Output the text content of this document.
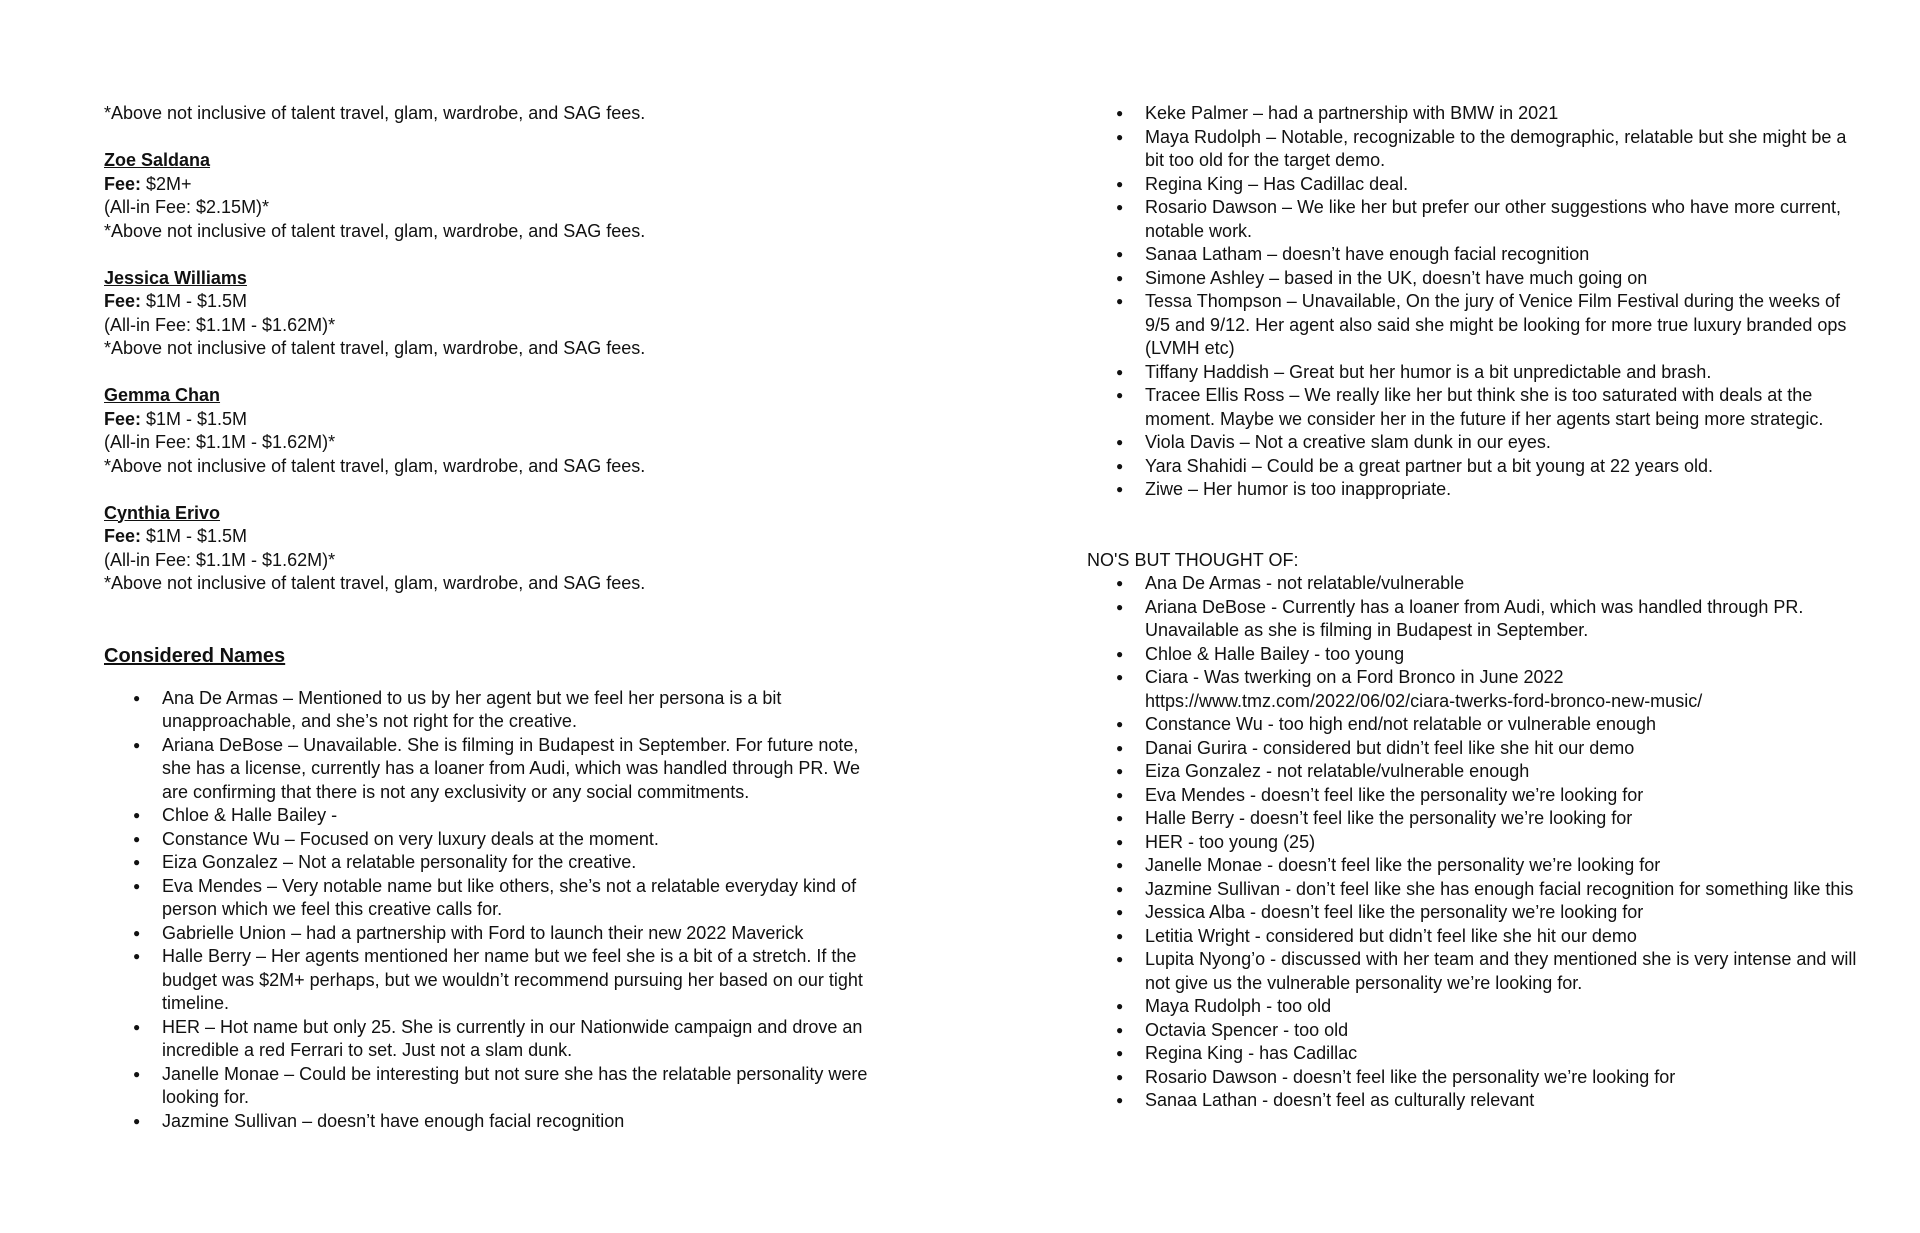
*Above not inclusive of talent travel, glam, wardrobe, and SAG fees.

Zoe Saldana

Fee: $2M+

(All-in Fee: $2.15M)*

*Above not inclusive of talent travel, glam, wardrobe, and SAG fees.

Jessica Williams

Fee: $1M - $1.5M

(All-in Fee: $1.1M - $1.62M)*

*Above not inclusive of talent travel, glam, wardrobe, and SAG fees.

Gemma Chan

Fee: $1M - $1.5M

(All-in Fee: $1.1M - $1.62M)*

*Above not inclusive of talent travel, glam, wardrobe, and SAG fees.

Cynthia Erivo

Fee: $1M - $1.5M

(All-in Fee: $1.1M - $1.62M)*

*Above not inclusive of talent travel, glam, wardrobe, and SAG fees.

Considered Names

● Ana De Armas – Mentioned to us by her agent but we feel her persona is a bit unapproachable, and she’s not right for the creative.
● Ariana DeBose – Unavailable. She is filming in Budapest in September. For future note, she has a license, currently has a loaner from Audi, which was handled through PR. We are confirming that there is not any exclusivity or any social commitments.
● Chloe & Halle Bailey -
● Constance Wu – Focused on very luxury deals at the moment.
● Eiza Gonzalez – Not a relatable personality for the creative.
● Eva Mendes – Very notable name but like others, she’s not a relatable everyday kind of person which we feel this creative calls for.
● Gabrielle Union – had a partnership with Ford to launch their new 2022 Maverick
● Halle Berry – Her agents mentioned her name but we feel she is a bit of a stretch. If the budget was $2M+ perhaps, but we wouldn’t recommend pursuing her based on our tight timeline.
● HER – Hot name but only 25. She is currently in our Nationwide campaign and drove an incredible a red Ferrari to set. Just not a slam dunk.
● Janelle Monae – Could be interesting but not sure she has the relatable personality were looking for.
● Jazmine Sullivan – doesn’t have enough facial recognition
● Keke Palmer – had a partnership with BMW in 2021
● Maya Rudolph – Notable, recognizable to the demographic, relatable but she might be a bit too old for the target demo.
● Regina King – Has Cadillac deal.
● Rosario Dawson – We like her but prefer our other suggestions who have more current, notable work.
● Sanaa Latham – doesn’t have enough facial recognition
● Simone Ashley – based in the UK, doesn’t have much going on
● Tessa Thompson – Unavailable, On the jury of Venice Film Festival during the weeks of 9/5 and 9/12. Her agent also said she might be looking for more true luxury branded ops (LVMH etc)
● Tiffany Haddish – Great but her humor is a bit unpredictable and brash.
● Tracee Ellis Ross – We really like her but think she is too saturated with deals at the moment. Maybe we consider her in the future if her agents start being more strategic.
● Viola Davis – Not a creative slam dunk in our eyes.
● Yara Shahidi – Could be a great partner but a bit young at 22 years old.
● Ziwe – Her humor is too inappropriate.

NO'S BUT THOUGHT OF:

● Ana De Armas - not relatable/vulnerable
● Ariana DeBose - Currently has a loaner from Audi, which was handled through PR. Unavailable as she is filming in Budapest in September.
● Chloe & Halle Bailey - too young
● Ciara - Was twerking on a Ford Bronco in June 2022 https://www.tmz.com/2022/06/02/ciara-twerks-ford-bronco-new-music/
● Constance Wu - too high end/not relatable or vulnerable enough
● Danai Gurira - considered but didn’t feel like she hit our demo
● Eiza Gonzalez - not relatable/vulnerable enough
● Eva Mendes - doesn’t feel like the personality we’re looking for
● Halle Berry - doesn’t feel like the personality we’re looking for
● HER - too young (25)
● Janelle Monae - doesn’t feel like the personality we’re looking for
● Jazmine Sullivan - don’t feel like she has enough facial recognition for something like this
● Jessica Alba - doesn’t feel like the personality we’re looking for
● Letitia Wright - considered but didn’t feel like she hit our demo
● Lupita Nyong’o - discussed with her team and they mentioned she is very intense and will not give us the vulnerable personality we’re looking for.
● Maya Rudolph - too old
● Octavia Spencer - too old
● Regina King - has Cadillac
● Rosario Dawson - doesn’t feel like the personality we’re looking for
● Sanaa Lathan - doesn’t feel as culturally relevant
